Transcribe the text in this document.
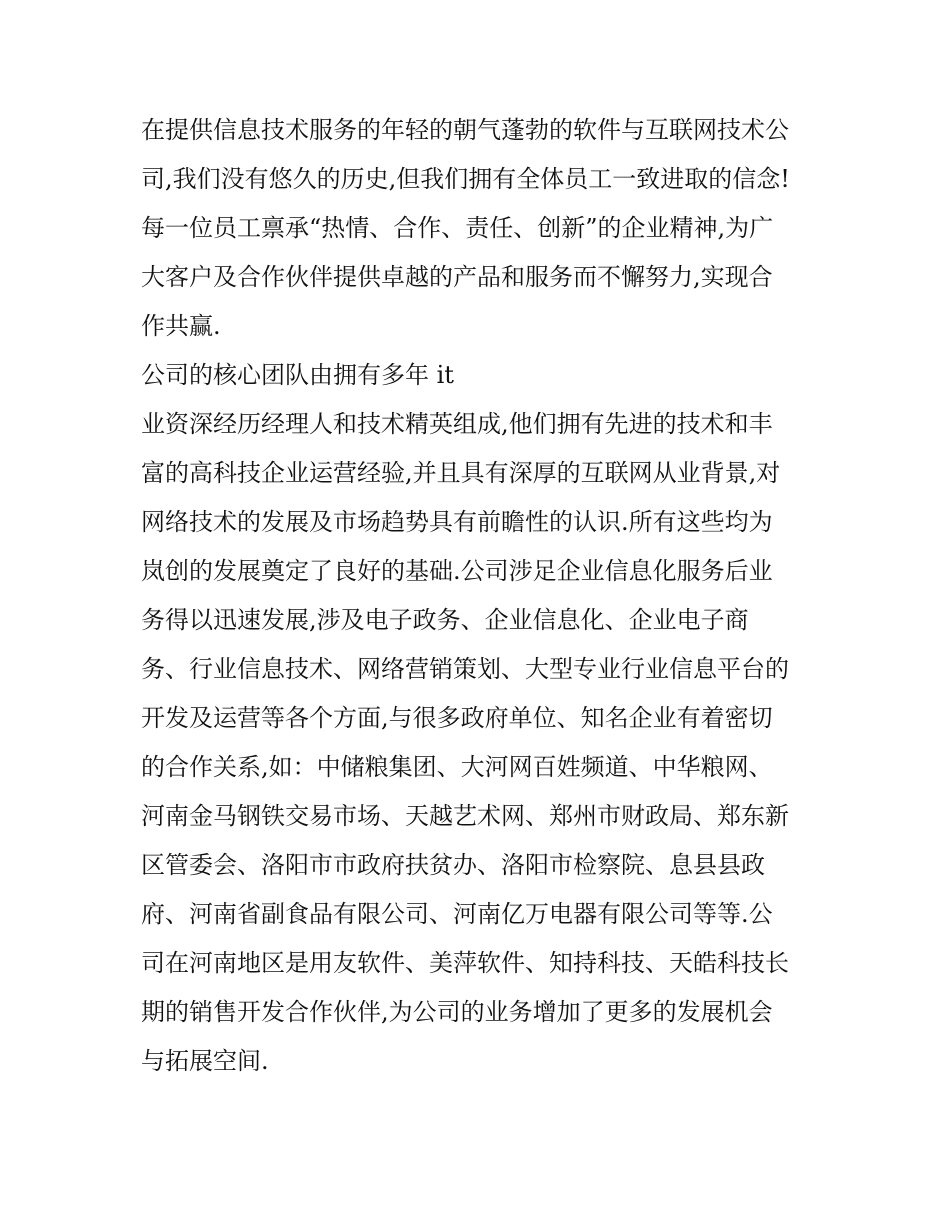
在提供信息技术服务的年轻的朝气蓬勃的软件与互联网技术公
司,我们没有悠久的历史,但我们拥有全体员工一致进取的信念!
每一位员工禀承“热情、合作、责任、创新”的企业精神,为广
大客户及合作伙伴提供卓越的产品和服务而不懈努力,实现合
作共赢.
公司的核心团队由拥有多年 it
业资深经历经理人和技术精英组成,他们拥有先进的技术和丰
富的高科技企业运营经验,并且具有深厚的互联网从业背景,对
网络技术的发展及市场趋势具有前瞻性的认识.所有这些均为
岚创的发展奠定了良好的基础.公司涉足企业信息化服务后业
务得以迅速发展,涉及电子政务、企业信息化、企业电子商
务、行业信息技术、网络营销策划、大型专业行业信息平台的
开发及运营等各个方面,与很多政府单位、知名企业有着密切
的合作关系,如：中储粮集团、大河网百姓频道、中华粮网、
河南金马钢铁交易市场、天越艺术网、郑州市财政局、郑东新
区管委会、洛阳市市政府扶贫办、洛阳市检察院、息县县政
府、河南省副食品有限公司、河南亿万电器有限公司等等.公
司在河南地区是用友软件、美萍软件、知持科技、天皓科技长
期的销售开发合作伙伴,为公司的业务增加了更多的发展机会
与拓展空间.
